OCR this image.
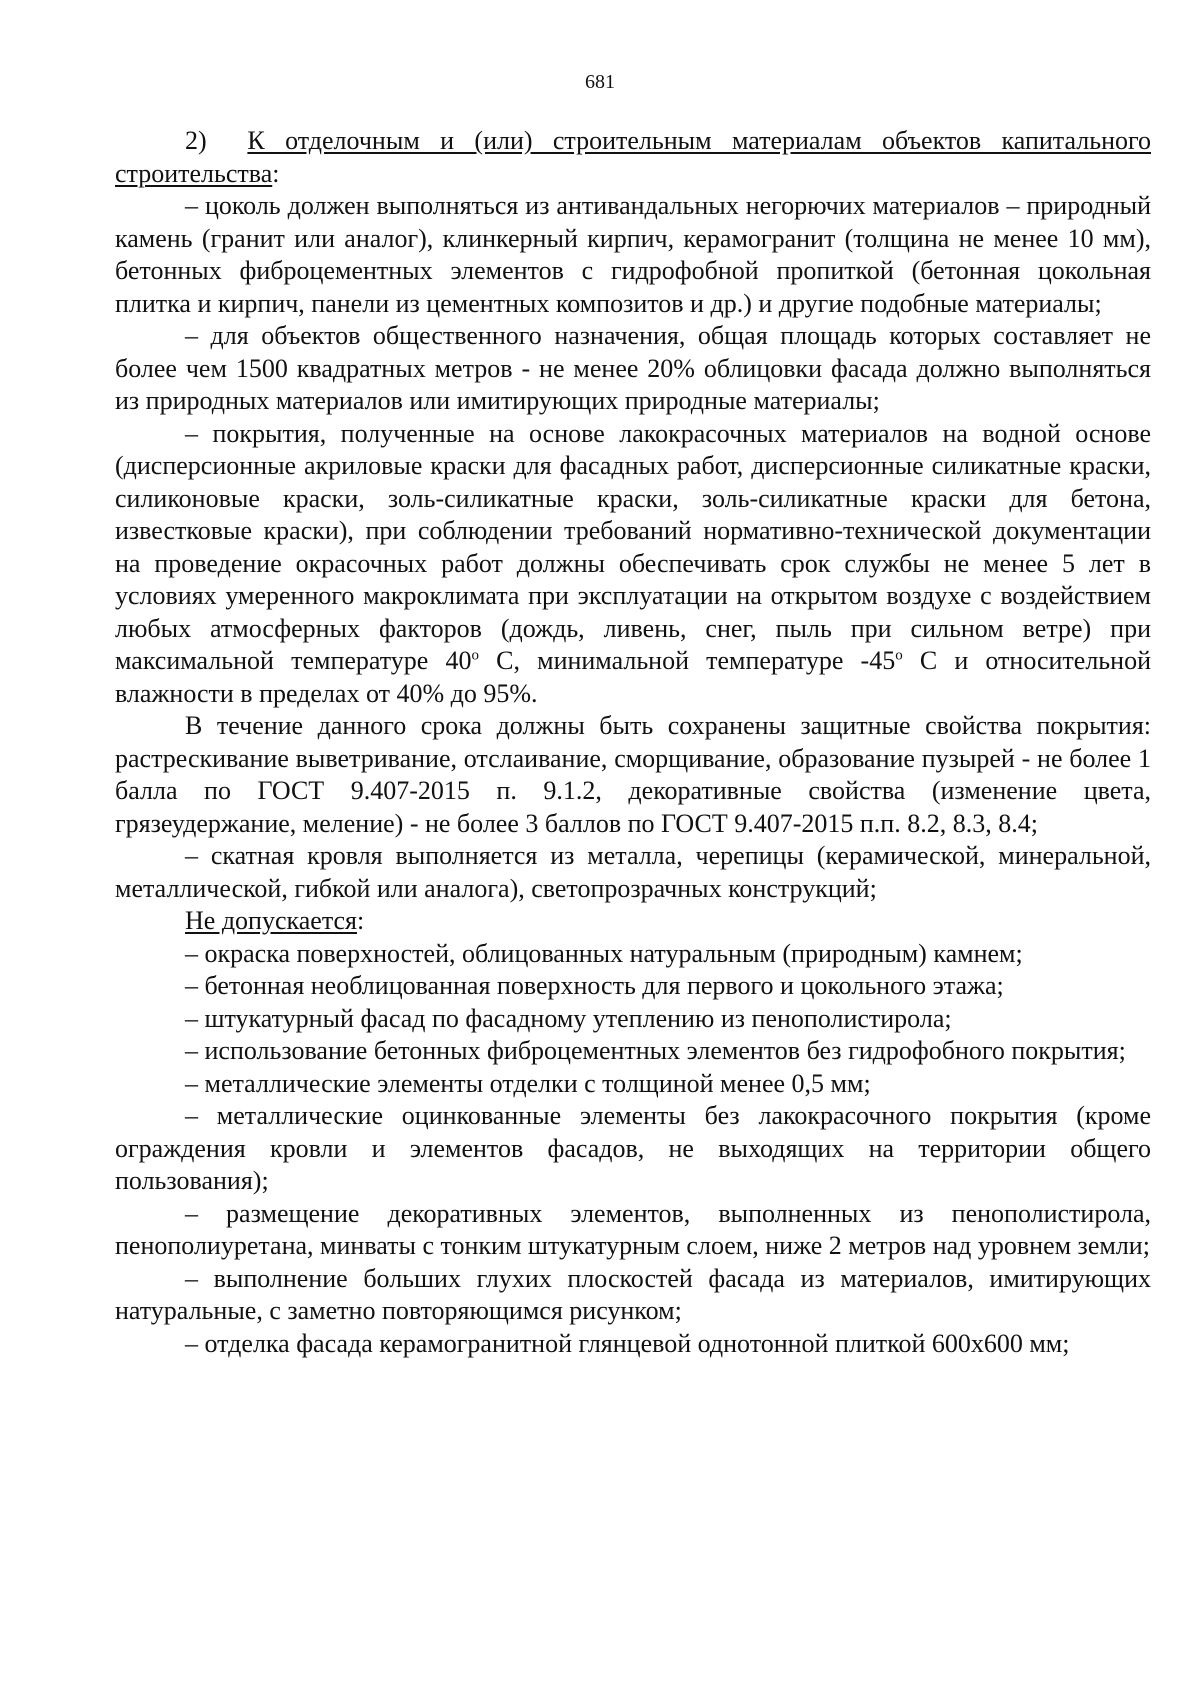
681

2) К отделочным и (или) строительным материалам объектов капитального строительства:

– цоколь должен выполняться из антивандальных негорючих материалов – природный камень (гранит или аналог), клинкерный кирпич, керамогранит (толщина не менее 10 мм), бетонных фиброцементных элементов с гидрофобной пропиткой (бетонная цокольная плитка и кирпич, панели из цементных композитов и др.) и другие подобные материалы;

– для объектов общественного назначения, общая площадь которых составляет не более чем 1500 квадратных метров - не менее 20% облицовки фасада должно выполняться из природных материалов или имитирующих природные материалы;

– покрытия, полученные на основе лакокрасочных материалов на водной основе (дисперсионные акриловые краски для фасадных работ, дисперсионные силикатные краски, силиконовые краски, золь-силикатные краски, золь-силикатные краски для бетона, известковые краски), при соблюдении требований нормативно-технической документации на проведение окрасочных работ должны обеспечивать срок службы не менее 5 лет в условиях умеренного макроклимата при эксплуатации на открытом воздухе с воздействием любых атмосферных факторов (дождь, ливень, снег, пыль при сильном ветре) при максимальной температуре 40$^o$ С, минимальной температуре -45$^o$ С и относительной влажности в пределах от 40% до 95%.

В течение данного срока должны быть сохранены защитные свойства покрытия: растрескивание выветривание, отслаивание, сморщивание, образование пузырей - не более 1 балла по ГОСТ 9.407-2015 п. 9.1.2, декоративные свойства (изменение цвета, грязеудержание, меление) - не более 3 баллов по ГОСТ 9.407-2015 п.п. 8.2, 8.3, 8.4;

– скатная кровля выполняется из металла, черепицы (керамической, минеральной, металлической, гибкой или аналога), светопрозрачных конструкций;

Не допускается:

– окраска поверхностей, облицованных натуральным (природным) камнем;

– бетонная необлицованная поверхность для первого и цокольного этажа;

– штукатурный фасад по фасадному утеплению из пенополистирола;

– использование бетонных фиброцементных элементов без гидрофобного покрытия;

– металлические элементы отделки с толщиной менее 0,5 мм;

– металлические оцинкованные элементы без лакокрасочного покрытия (кроме ограждения кровли и элементов фасадов, не выходящих на территории общего пользования);

– размещение декоративных элементов, выполненных из пенополистирола, пенополиуретана, минваты с тонким штукатурным слоем, ниже 2 метров над уровнем земли;

– выполнение больших глухих плоскостей фасада из материалов, имитирующих натуральные, с заметно повторяющимся рисунком;

– отделка фасада керамогранитной глянцевой однотонной плиткой 600х600 мм;
